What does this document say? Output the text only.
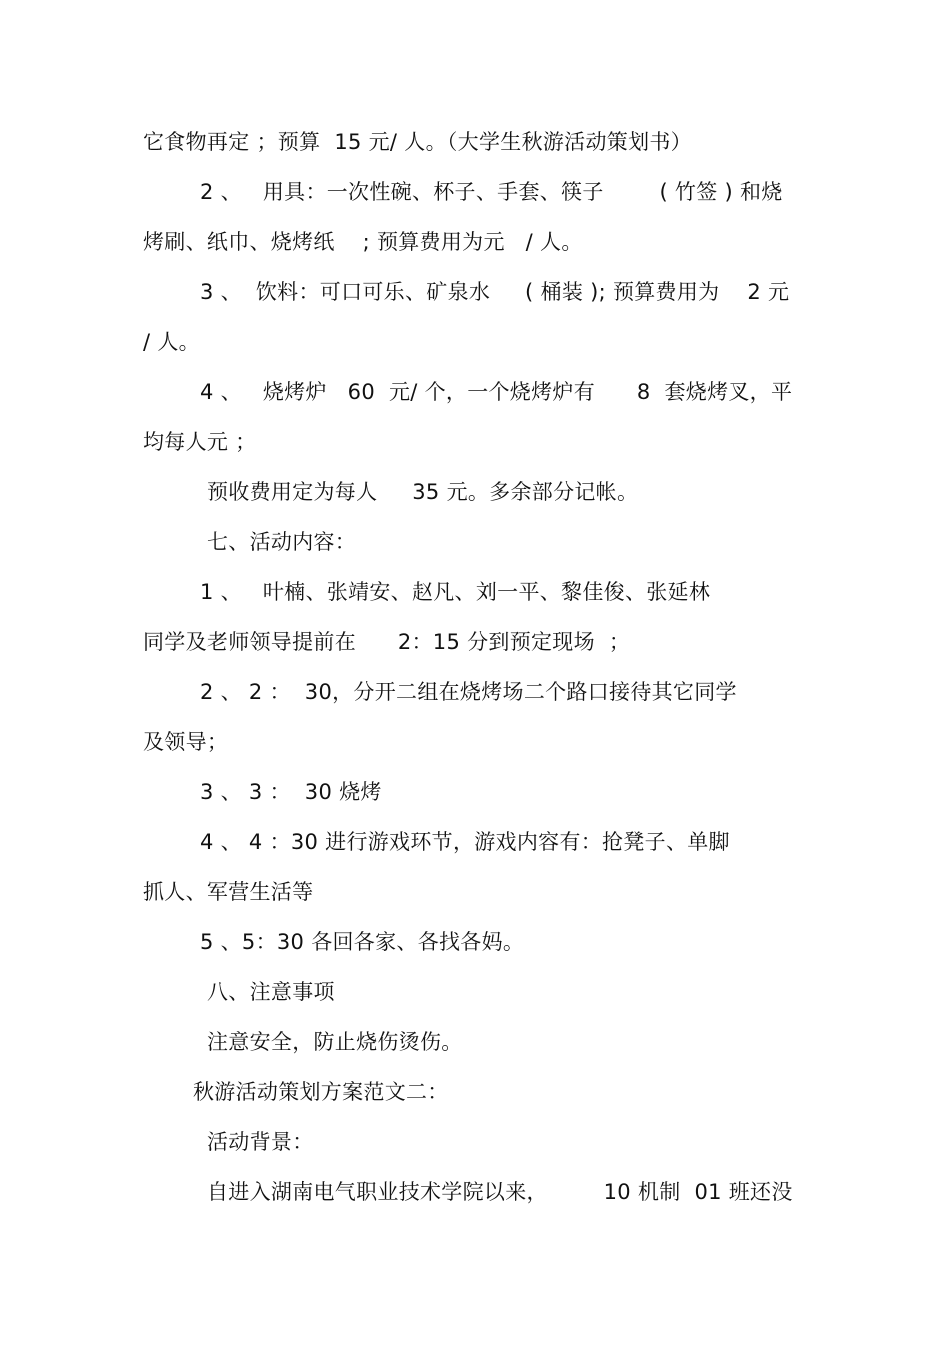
它食物再定 ；预算  15 元/ 人。（大学生秋游活动策划书）
2 、   用具：一次性碗、杯子、手套、筷子        ( 竹签 ) 和烧
烤刷、纸巾、烧烤纸    ; 预算费用为元   / 人。
3 、  饮料：可口可乐、矿泉水     ( 桶装 ); 预算费用为    2 元
/ 人。
4 、   烧烤炉   60  元/ 个，一个烧烤炉有      8  套烧烤叉，平
均每人元 ；
预收费用定为每人     35 元。多余部分记帐。
七、活动内容：
1 、   叶楠、张靖安、赵凡、刘一平、黎佳俊、张延林
同学及老师领导提前在      2：15 分到预定现场  ；
2 、 2 ：  30，分开二组在烧烤场二个路口接待其它同学
及领导；
3 、 3 ：  30 烧烤
4 、 4 ：30 进行游戏环节，游戏内容有：抢凳子、单脚
抓人、军营生活等
5 、5：30 各回各家、各找各妈。
八、注意事项
注意安全，防止烧伤烫伤。
秋游活动策划方案范文二：
活动背景：
自进入湖南电气职业技术学院以来，        10 机制  01 班还没
